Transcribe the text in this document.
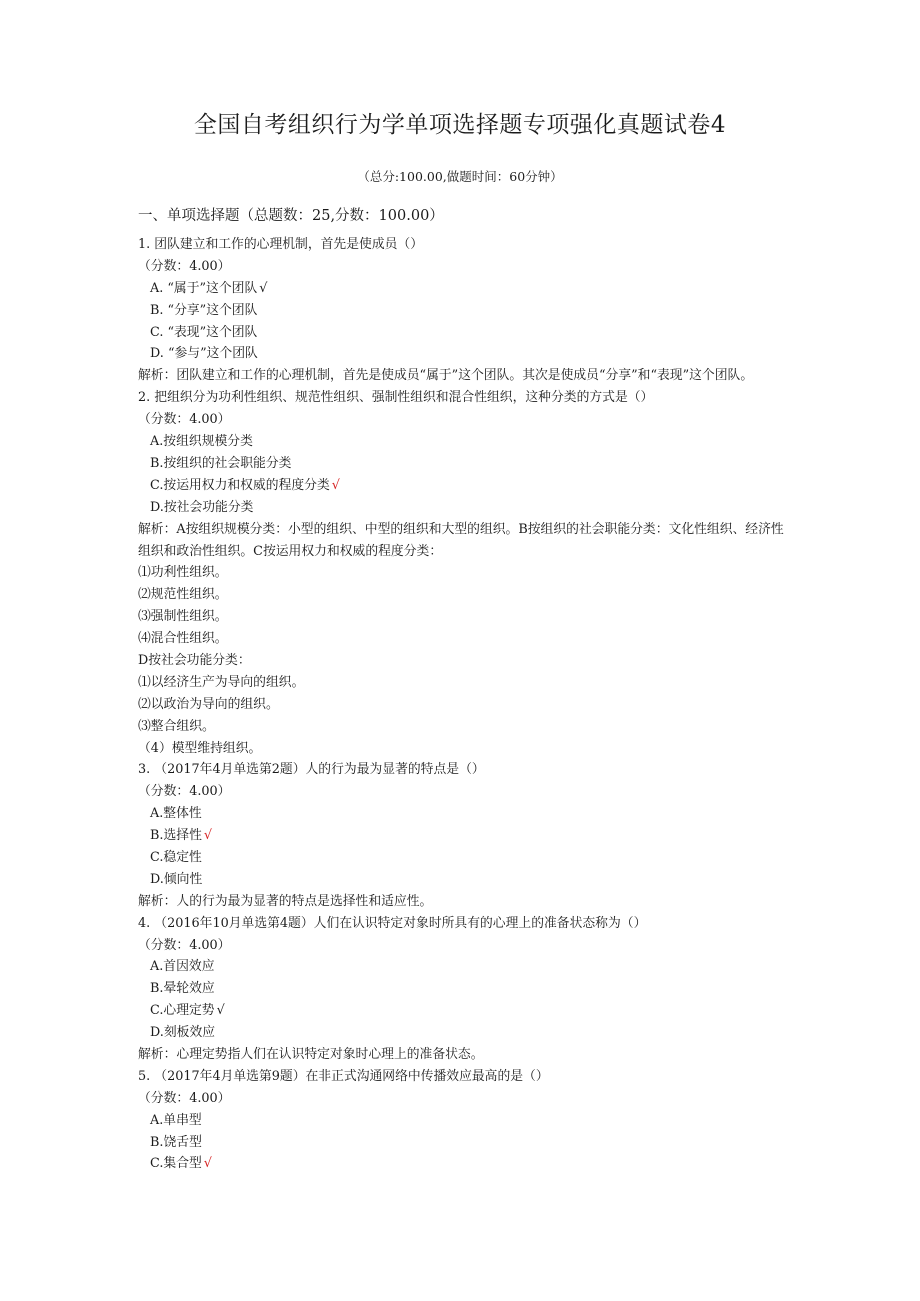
全国自考组织行为学单项选择题专项强化真题试卷4
（总分:100.00,做题时间：60分钟）
一、单项选择题（总题数：25,分数：100.00）
1. 团队建立和工作的心理机制，首先是使成员（）
（分数：4.00）
A. “属于”这个团队 √
B. “分享”这个团队
C. “表现”这个团队
D. “参与”这个团队
解析：团队建立和工作的心理机制，首先是使成员“属于”这个团队。其次是使成员“分享”和“表现”这个团队。
2. 把组织分为功利性组织、规范性组织、强制性组织和混合性组织，这种分类的方式是（）
（分数：4.00）
A.按组织规模分类
B.按组织的社会职能分类
C.按运用权力和权威的程度分类 √
D.按社会功能分类
解析：A按组织规模分类：小型的组织、中型的组织和大型的组织。B按组织的社会职能分类：文化性组织、经济性组织和政治性组织。C按运用权力和权威的程度分类：
⑴功利性组织。
⑵规范性组织。
⑶强制性组织。
⑷混合性组织。
D按社会功能分类：
⑴以经济生产为导向的组织。
⑵以政治为导向的组织。
⑶整合组织。
（4）模型维持组织。
3. （2017年4月单选第2题）人的行为最为显著的特点是（）
（分数：4.00）
A.整体性
B.选择性 √
C.稳定性
D.倾向性
解析：人的行为最为显著的特点是选择性和适应性。
4. （2016年10月单选第4题）人们在认识特定对象时所具有的心理上的准备状态称为（）
（分数：4.00）
A.首因效应
B.晕轮效应
C.心理定势 √
D.刻板效应
解析：心理定势指人们在认识特定对象时心理上的准备状态。
5. （2017年4月单选第9题）在非正式沟通网络中传播效应最高的是（）
（分数：4.00）
A.单串型
B.饶舌型
C.集合型 √
